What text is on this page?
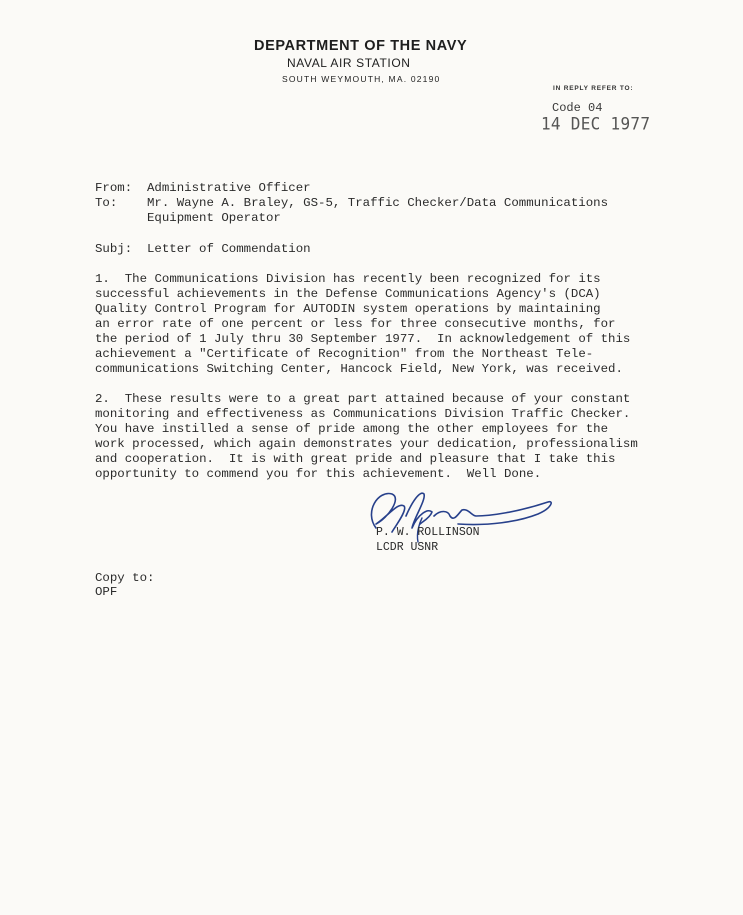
DEPARTMENT OF THE NAVY
NAVAL AIR STATION
SOUTH WEYMOUTH, MA. 02190
IN REPLY REFER TO:
Code 04
14 DEC 1977
From: Administrative Officer
To: Mr. Wayne A. Braley, GS-5, Traffic Checker/Data Communications
Equipment Operator
Subj: Letter of Commendation
1.  The Communications Division has recently been recognized for its
successful achievements in the Defense Communications Agency's (DCA)
Quality Control Program for AUTODIN system operations by maintaining
an error rate of one percent or less for three consecutive months, for
the period of 1 July thru 30 September 1977.  In acknowledgement of this
achievement a "Certificate of Recognition" from the Northeast Tele-
communications Switching Center, Hancock Field, New York, was received.
2.  These results were to a great part attained because of your constant
monitoring and effectiveness as Communications Division Traffic Checker.
You have instilled a sense of pride among the other employees for the
work processed, which again demonstrates your dedication, professionalism
and cooperation.  It is with great pride and pleasure that I take this
opportunity to commend you for this achievement.  Well Done.
P. W. ROLLINSON
LCDR USNR
Copy to:
OPF
